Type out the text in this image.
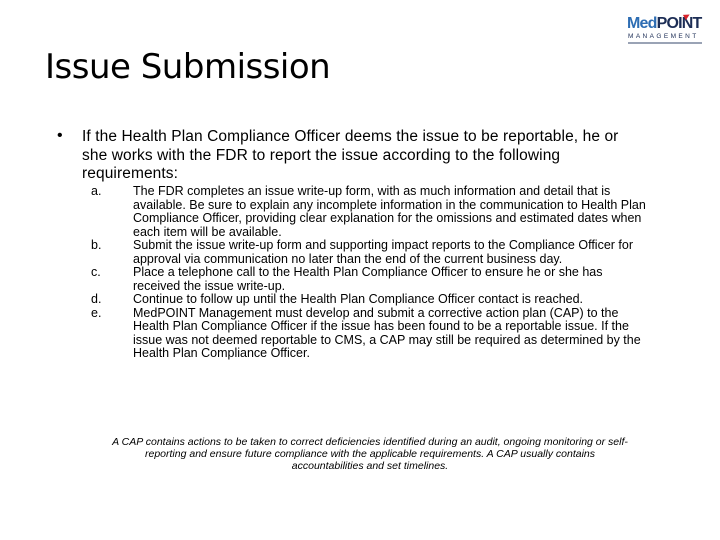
MedPOINT
MANAGEMENT
Issue Submission
• If the Health Plan Compliance Officer deems the issue to be reportable, he or she works with the FDR to report the issue according to the following requirements:
a.	The FDR completes an issue write-up form, with as much information and detail that is available. Be sure to explain any incomplete information in the communication to Health Plan Compliance Officer, providing clear explanation for the omissions and estimated dates when each item will be available.
b.	Submit the issue write-up form and supporting impact reports to the Compliance Officer for approval via communication no later than the end of the current business day.
c.	Place a telephone call to the Health Plan Compliance Officer to ensure he or she has received the issue write-up.
d.	Continue to follow up until the Health Plan Compliance Officer contact is reached.
e.	MedPOINT Management must develop and submit a corrective action plan (CAP) to the Health Plan Compliance Officer if the issue has been found to be a reportable issue. If the issue was not deemed reportable to CMS, a CAP may still be required as determined by the Health Plan Compliance Officer.
A CAP contains actions to be taken to correct deficiencies identified during an audit, ongoing monitoring or self-reporting and ensure future compliance with the applicable requirements. A CAP usually contains accountabilities and set timelines.
